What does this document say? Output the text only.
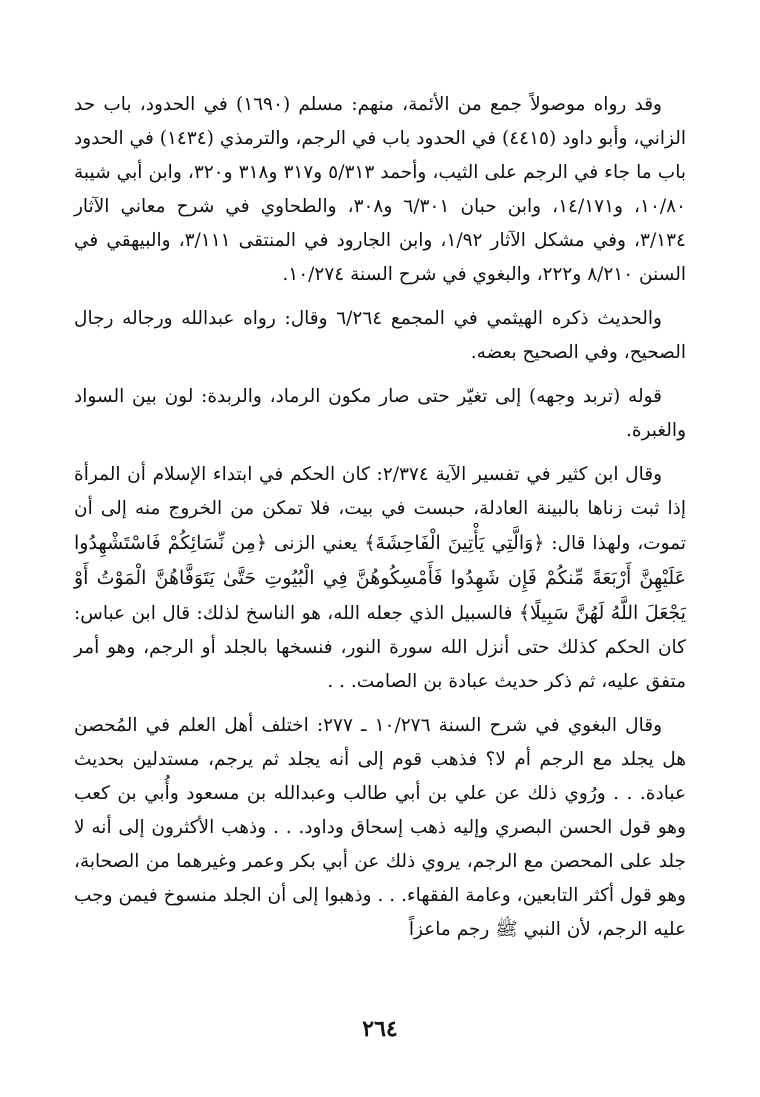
وقد رواه موصولاً جمع من الأئمة، منهم: مسلم (١٦٩٠) في الحدود، باب حد الزاني، وأبو داود (٤٤١٥) في الحدود باب في الرجم، والترمذي (١٤٣٤) في الحدود باب ما جاء في الرجم على الثيب، وأحمد ٥/٣١٣ و٣١٧ و٣١٨ و٣٢٠، وابن أبي شيبة ١٠/٨٠، و١٤/١٧١، وابن حبان ٦/٣٠١ و٣٠٨، والطحاوي في شرح معاني الآثار ٣/١٣٤، وفي مشكل الآثار ١/٩٢، وابن الجارود في المنتقى ٣/١١١، والبيهقي في السنن ٨/٢١٠ و٢٢٢، والبغوي في شرح السنة ١٠/٢٧٤.

والحديث ذكره الهيثمي في المجمع ٦/٢٦٤ وقال: رواه عبدالله ورجاله رجال الصحيح، وفي الصحيح بعضه.

قوله (تربد وجهه) إلى تغيّر حتى صار مكون الرماد، والربدة: لون بين السواد والغبرة.

وقال ابن كثير في تفسير الآية ٢/٣٧٤: كان الحكم في ابتداء الإسلام أن المرأة إذا ثبت زناها بالبينة العادلة، حبست في بيت، فلا تمكن من الخروج منه إلى أن تموت، ولهذا قال: ﴿وَالَّتِي يَأْتِينَ الْفَاحِشَةَ﴾ يعني الزنى ﴿مِن نِّسَائِكُمْ فَاسْتَشْهِدُوا عَلَيْهِنَّ أَرْبَعَةً مِّنكُمْ فَإِن شَهِدُوا فَأَمْسِكُوهُنَّ فِي الْبُيُوتِ حَتَّىٰ يَتَوَفَّاهُنَّ الْمَوْتُ أَوْ يَجْعَلَ اللَّهُ لَهُنَّ سَبِيلًا﴾ فالسبيل الذي جعله الله، هو الناسخ لذلك: قال ابن عباس: كان الحكم كذلك حتى أنزل الله سورة النور، فنسخها بالجلد أو الرجم، وهو أمر متفق عليه، ثم ذكر حديث عبادة بن الصامت. . .

وقال البغوي في شرح السنة ١٠/٢٧٦ ـ ٢٧٧: اختلف أهل العلم في المُحصن هل يجلد مع الرجم أم لا؟ فذهب قوم إلى أنه يجلد ثم يرجم، مستدلين بحديث عبادة. . . ورُوي ذلك عن علي بن أبي طالب وعبدالله بن مسعود وأُبي بن كعب وهو قول الحسن البصري وإليه ذهب إسحاق وداود. . . وذهب الأكثرون إلى أنه لا جلد على المحصن مع الرجم، يروي ذلك عن أبي بكر وعمر وغيرهما من الصحابة، وهو قول أكثر التابعين، وعامة الفقهاء. . . وذهبوا إلى أن الجلد منسوخ فيمن وجب عليه الرجم، لأن النبي ﷺ رجم ماعزاً

٢٦٤
